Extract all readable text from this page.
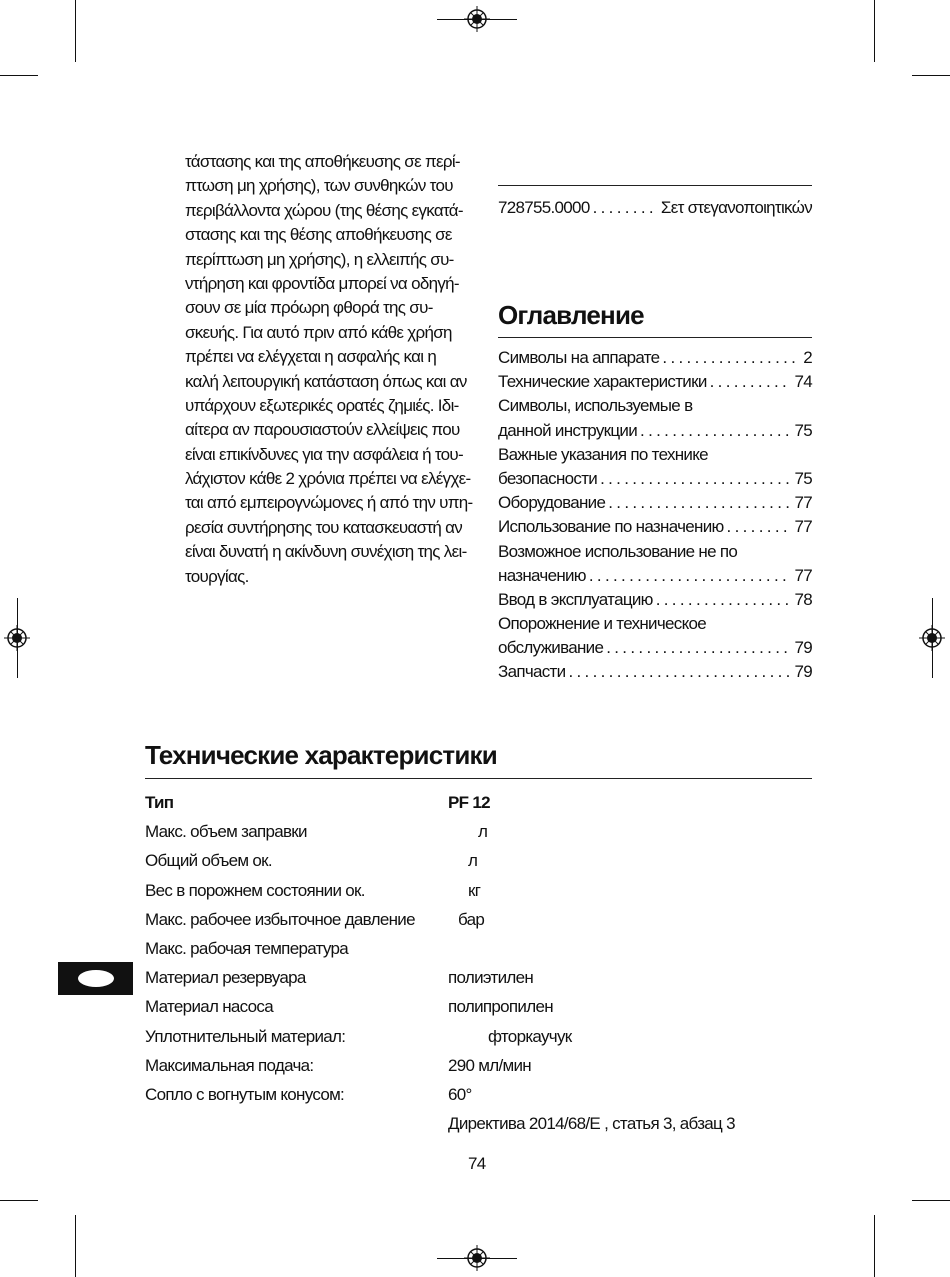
τάστασης και της αποθήκευσης σε περί-
πτωση μη χρήσης), των συνθηκών του
περιβάλλοντα χώρου (της θέσης εγκατά-
στασης και της θέσης αποθήκευσης σε
περίπτωση μη χρήσης), η ελλειπής συ-
ντήρηση και φροντίδα μπορεί να οδηγή-
σουν σε μία πρόωρη φθορά της συ-
σκευής. Για αυτό πριν από κάθε χρήση
πρέπει να ελέγχεται η ασφαλής και η
καλή λειτουργική κατάσταση όπως και αν
υπάρχουν εξωτερικές ορατές ζημιές. Ιδι-
αίτερα αν παρουσιαστούν ελλείψεις που
είναι επικίνδυνες για την ασφάλεια ή του-
λάχιστον κάθε 2 χρόνια πρέπει να ελέγχε-
ται από εμπειρογνώμονες ή από την υπη-
ρεσία συντήρησης του κατασκευαστή αν
είναι δυνατή η ακίνδυνη συνέχιση της λει-
τουργίας.
728755.0000 . . .	Σετ στεγανοποιητικών
Оглавление
Символы на аппарате . . .	2
Технические характеристики . . .	74
Символы, используемые в
данной инструкции . . .	75
Важные указания по технике
безопасности . . .	75
Оборудование . . .	77
Использование по назначению . . .	77
Возможное использование не по
назначению . . .	77
Ввод в эксплуатацию . . .	78
Опорожнение и техническое
обслуживание . . .	79
Запчасти . . .	79
Технические характеристики
Тип	PF 12
Макс. объем заправки	л
Общий объем ок.	л
Вес в порожнем состоянии ок.	кг
Макс. рабочее избыточное давление	бар
Макс. рабочая температура
Материал резервуара	полиэтилен
Материал насоса	полипропилен
Уплотнительный материал:	фторкаучук
Максимальная подача:	290 мл/мин
Сопло с вогнутым конусом:	60°
Директива 2014/68/Е , статья 3, абзац 3
74
